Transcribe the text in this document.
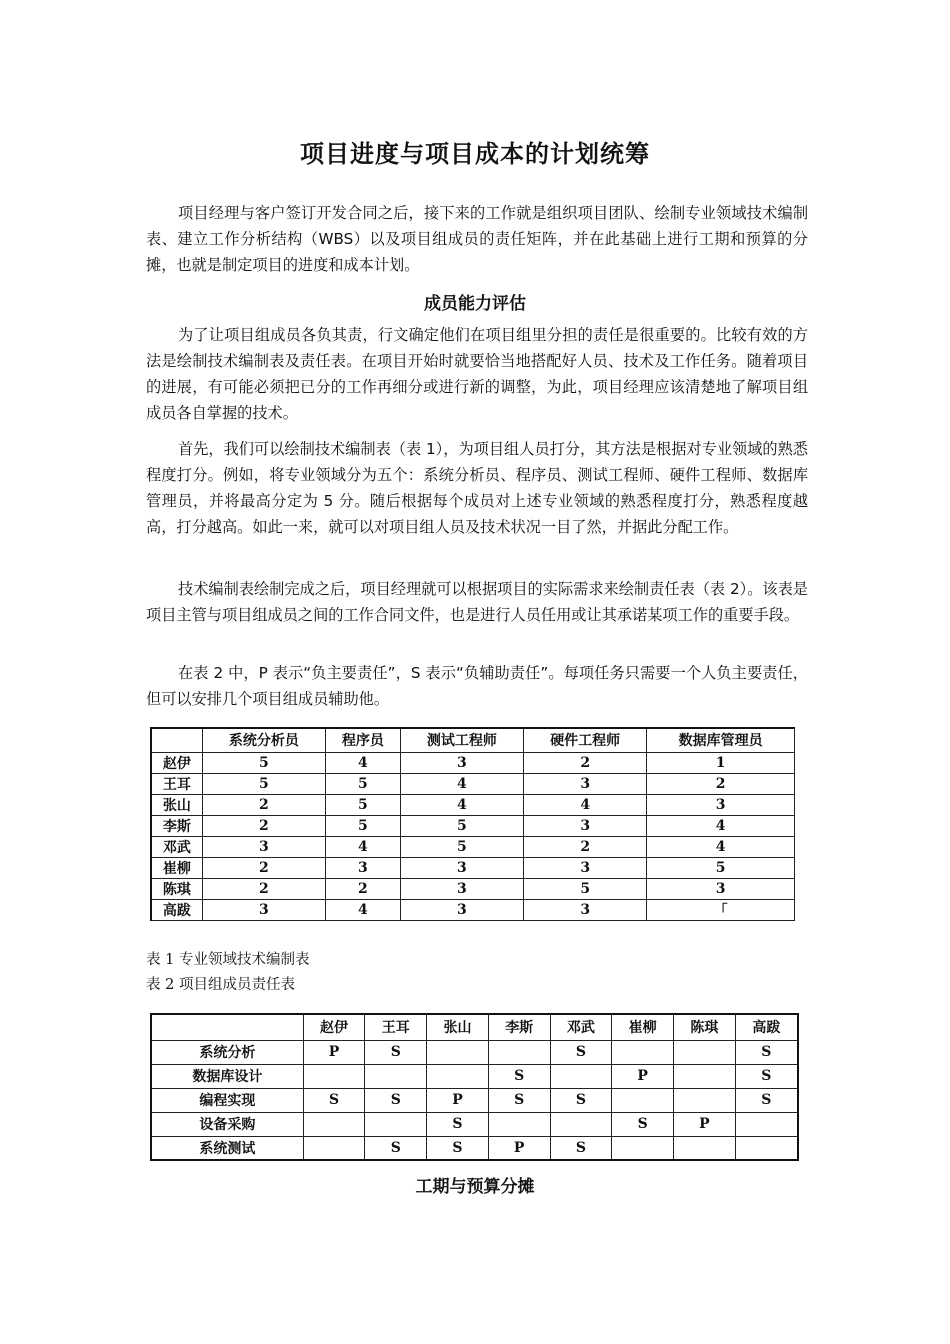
项目进度与项目成本的计划统筹

项目经理与客户签订开发合同之后，接下来的工作就是组织项目团队、绘制专业领域技术编制表、建立工作分析结构（WBS）以及项目组成员的责任矩阵，并在此基础上进行工期和预算的分摊，也就是制定项目的进度和成本计划。

成员能力评估

为了让项目组成员各负其责，行文确定他们在项目组里分担的责任是很重要的。比较有效的方法是绘制技术编制表及责任表。在项目开始时就要恰当地搭配好人员、技术及工作任务。随着项目的进展，有可能必须把已分的工作再细分或进行新的调整，为此，项目经理应该清楚地了解项目组成员各自掌握的技术。

首先，我们可以绘制技术编制表（表 1），为项目组人员打分，其方法是根据对专业领域的熟悉程度打分。例如，将专业领域分为五个：系统分析员、程序员、测试工程师、硬件工程师、数据库管理员，并将最高分定为 5 分。随后根据每个成员对上述专业领域的熟悉程度打分，熟悉程度越高，打分越高。如此一来，就可以对项目组人员及技术状况一目了然，并据此分配工作。

技术编制表绘制完成之后，项目经理就可以根据项目的实际需求来绘制责任表（表 2）。该表是项目主管与项目组成员之间的工作合同文件，也是进行人员任用或让其承诺某项工作的重要手段。

在表 2 中，P 表示“负主要责任”，S 表示“负辅助责任”。每项任务只需要一个人负主要责任，但可以安排几个项目组成员辅助他。

	系统分析员	程序员	测试工程师	硬件工程师	数据库管理员
赵伊	5	4	3	2	1
王耳	5	5	4	3	2
张山	2	5	4	4	3
李斯	2	5	5	3	4
邓武	3	4	5	2	4
崔柳	2	3	3	3	5
陈琪	2	2	3	5	3
高跋	3	4	3	3	「
表 1 专业领域技术编制表
表 2 项目组成员责任表
	赵伊	王耳	张山	李斯	邓武	崔柳	陈琪	高跋
系统分析	P	S			S			S
数据库设计				S		P		S
编程实现	S	S	P	S	S			S
设备采购			S			S	P	
系统测试		S	S	P	S			
工期与预算分摊
